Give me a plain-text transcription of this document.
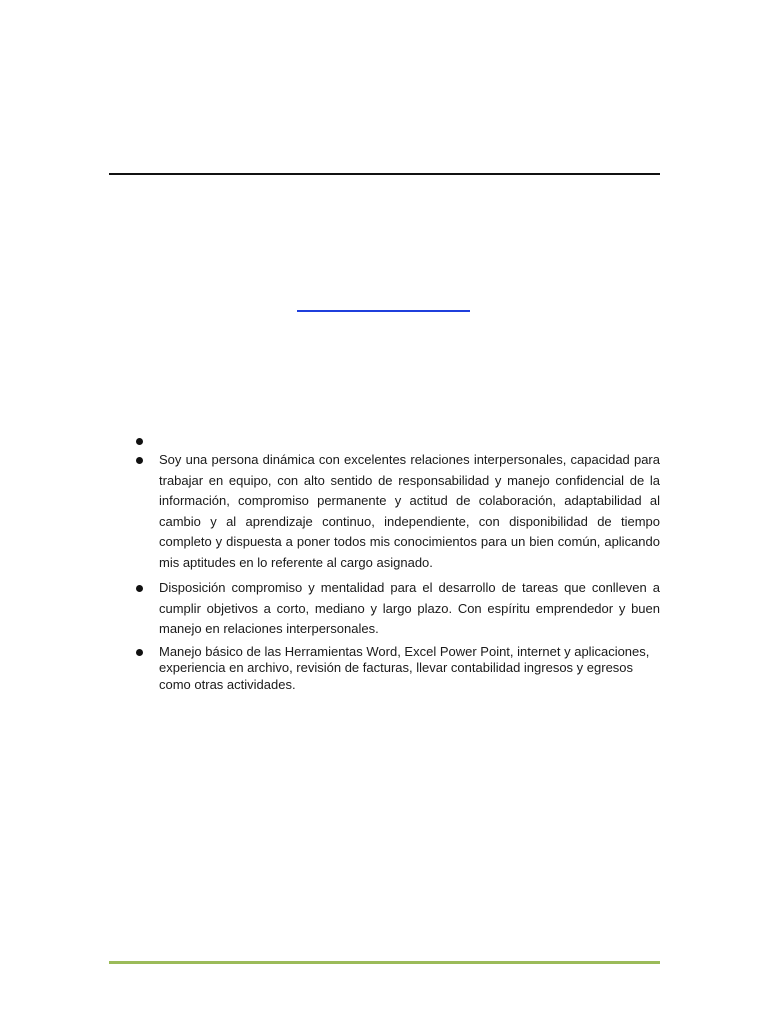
Soy una persona dinámica con excelentes relaciones interpersonales, capacidad para trabajar en equipo, con alto sentido de responsabilidad y manejo confidencial de la información, compromiso permanente y actitud de colaboración, adaptabilidad al cambio y al aprendizaje continuo, independiente, con disponibilidad de tiempo completo y dispuesta a poner todos mis conocimientos para un bien común, aplicando mis aptitudes en lo referente al cargo asignado.
Disposición compromiso y mentalidad para el desarrollo de tareas que conlleven a cumplir objetivos a corto, mediano y largo plazo. Con espíritu emprendedor y buen manejo en relaciones interpersonales.
Manejo básico de las Herramientas Word, Excel Power Point, internet y aplicaciones, experiencia en archivo, revisión de facturas, llevar contabilidad ingresos y egresos como otras actividades.
